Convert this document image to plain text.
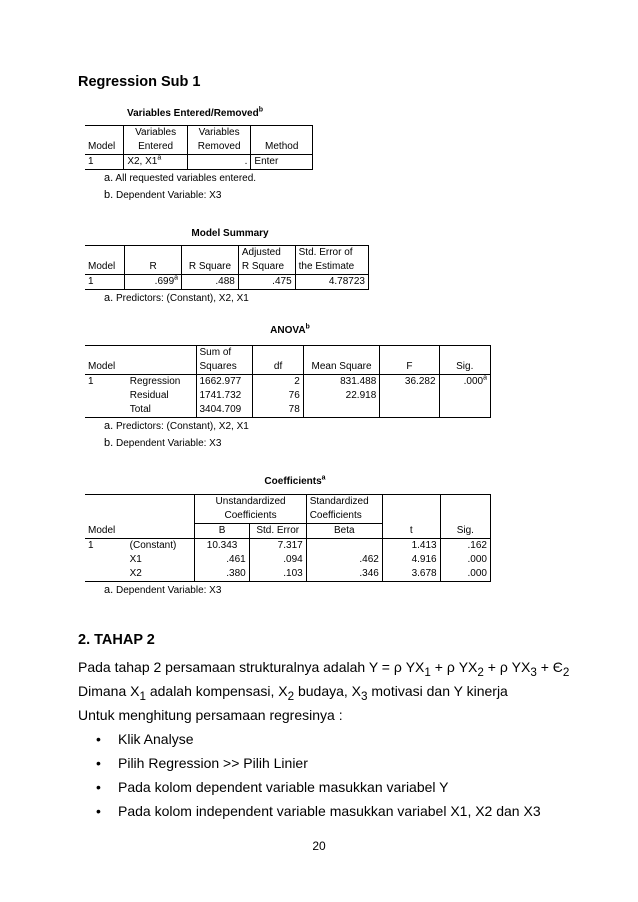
Regression Sub 1
Variables Entered/Removed$^b$
	Variables	Variables	
Model	Entered	Removed	Method
1	X2, X1$^a$	.	Enter
a. All requested variables entered.
b. Dependent Variable: X3
Model Summary
			Adjusted	Std. Error of
Model	R	R Square	R Square	the Estimate
1	.699$^a$	.488	.475	4.78723
a. Predictors: (Constant), X2, X1
ANOVA$^b$
		Sum of				
Model		Squares	df	Mean Square	F	Sig.
1	Regression	1662.977	2	831.488	36.282	.000$^a$
	Residual	1741.732	76	22.918		
	Total	3404.709	78			
a. Predictors: (Constant), X2, X1
b. Dependent Variable: X3
Coefficients$^a$
		Unstandardized		Standardized		
		Coefficients		Coefficients		
Model		B	Std. Error	Beta	t	Sig.
1	(Constant)	10.343	7.317		1.413	.162
	X1	.461	.094	.462	4.916	.000
	X2	.380	.103	.346	3.678	.000
a. Dependent Variable: X3
2. TAHAP 2
Pada tahap 2 persamaan strukturalnya adalah Y = ρ $YX_1 + \rho$ $YX_2 + \rho$ $YX_3 + Є_2$
Dimana $X_1$ adalah kompensasi, $X_2$ budaya, $X_3$ motivasi dan Y kinerja
Untuk menghitung persamaan regresinya :
• Klik Analyse
• Pilih Regression >> Pilih Linier
• Pada kolom dependent variable masukkan variabel Y
• Pada kolom independent variable masukkan variabel X1, X2 dan X3
20
